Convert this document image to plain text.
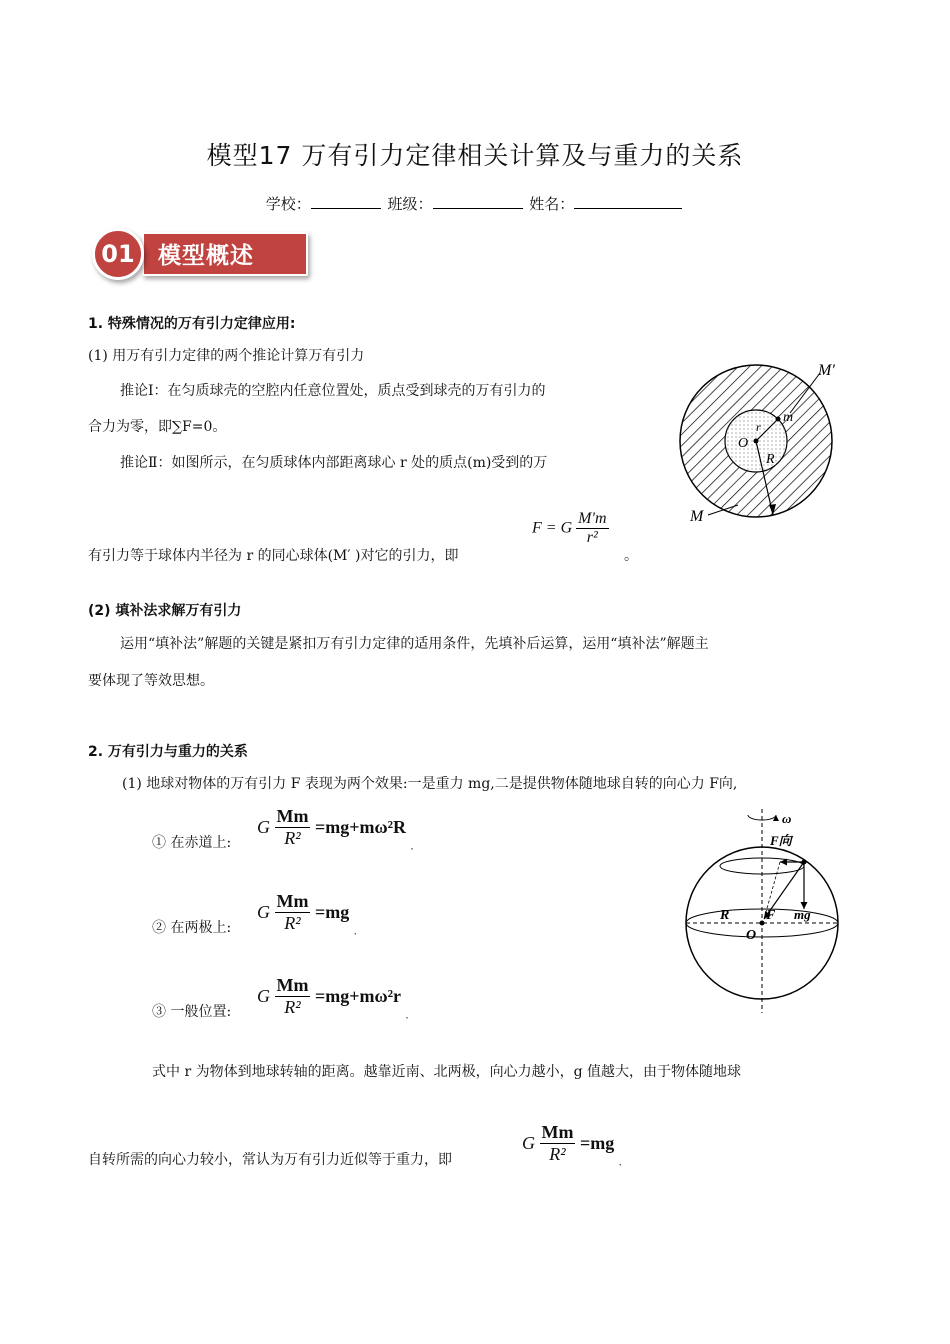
模型17 万有引力定律相关计算及与重力的关系
学校：	班级：	姓名：
模型概述
01
1. 特殊情况的万有引力定律应用:
(1) 用万有引力定律的两个推论计算万有引力
推论Ⅰ：在匀质球壳的空腔内任意位置处，质点受到球壳的万有引力的
合力为零，即∑F=0。
推论Ⅱ：如图所示，在匀质球体内部距离球心 r 处的质点(m)受到的万
有引力等于球体内半径为 r 的同心球体(M′ )对它的引力，即
F = G $\frac{M'm}{\text{r²}}$
。
M′
M
m
O
r
R
(2) 填补法求解万有引力
运用“填补法”解题的关键是紧扣万有引力定律的适用条件，先填补后运算，运用“填补法”解题主
要体现了等效思想。
2. 万有引力与重力的关系
(1) 地球对物体的万有引力 F 表现为两个效果:一是重力 mg,二是提供物体随地球自转的向心力 F向,
① 在赤道上:
G $\frac{Mm}{\text{R²}} =mg+m\omega^2R$ $_.$
② 在两极上:
G $\frac{Mm}{\text{R²}} =mg$ $_.$
③ 一般位置:
G $\frac{Mm}{\text{R²}} =mg+m\omega^2r$ $_.$
ω
F向
R	F mg
O
式中 r 为物体到地球转轴的距离。越靠近南、北两极，向心力越小，g 值越大，由于物体随地球
自转所需的向心力较小，常认为万有引力近似等于重力，即
G $\frac{Mm}{\text{R²}} =mg$ $_.$
